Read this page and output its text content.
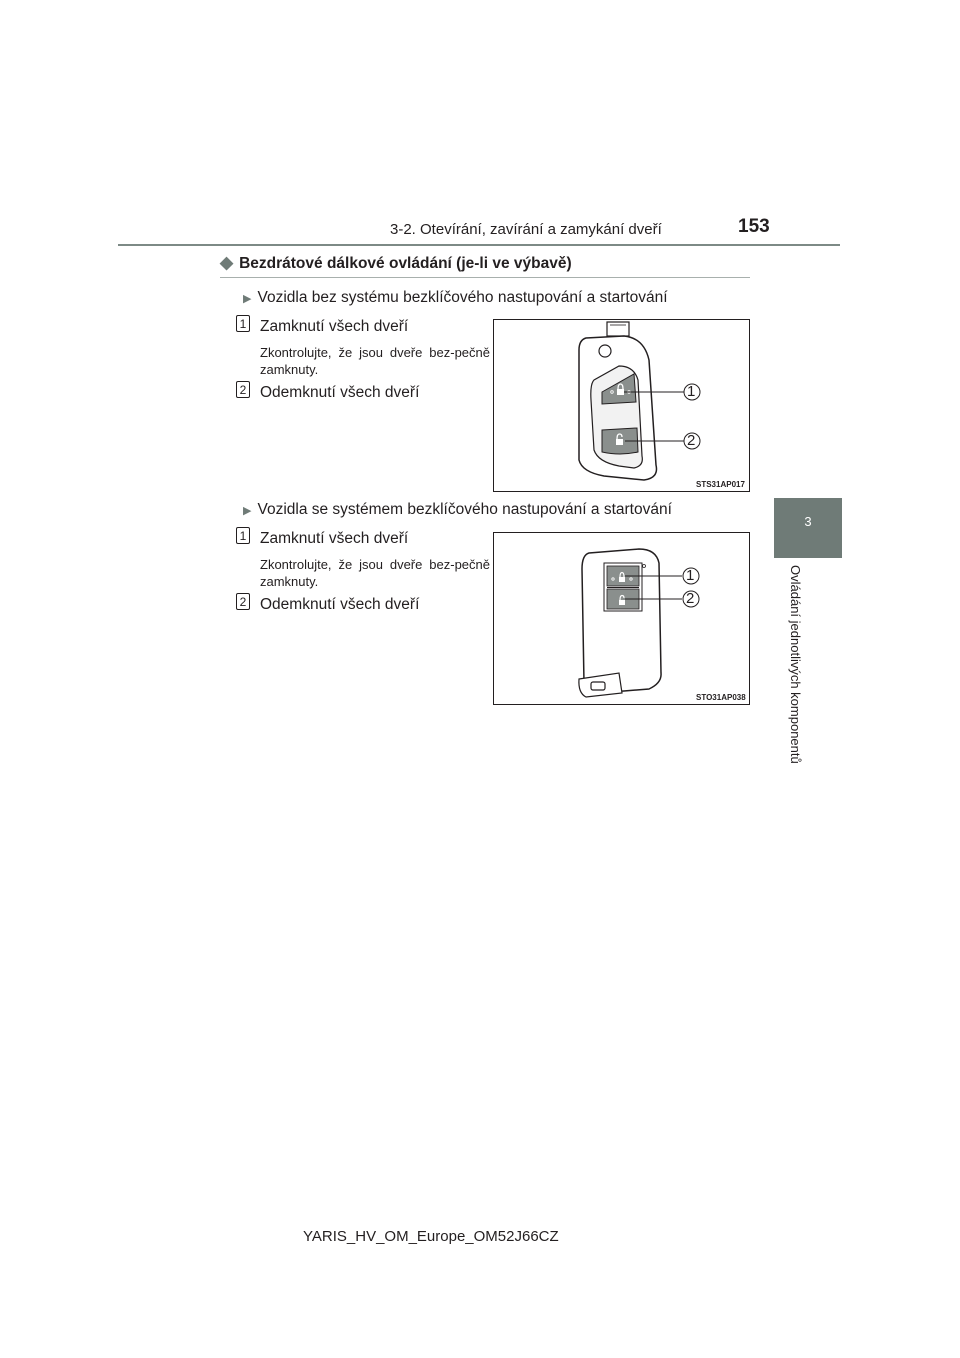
3-2. Otevírání, zavírání a zamykání dveří	153
3
Ovládání jednotlivých komponentů
◆ Bezdrátové dálkové ovládání (je-li ve výbavě)
▶ Vozidla bez systému bezklíčového nastupování a startování
1 Zamknutí všech dveří
Zkontrolujte, že jsou dveře bez-pečně zamknuty.
2 Odemknutí všech dveří	1
2
STS31AP017
▶ Vozidla se systémem bezklíčového nastupování a startování
1 Zamknutí všech dveří
Zkontrolujte, že jsou dveře bez-pečně zamknuty.
2 Odemknutí všech dveří
1
2
STO31AP038
YARIS_HV_OM_Europe_OM52J66CZ
